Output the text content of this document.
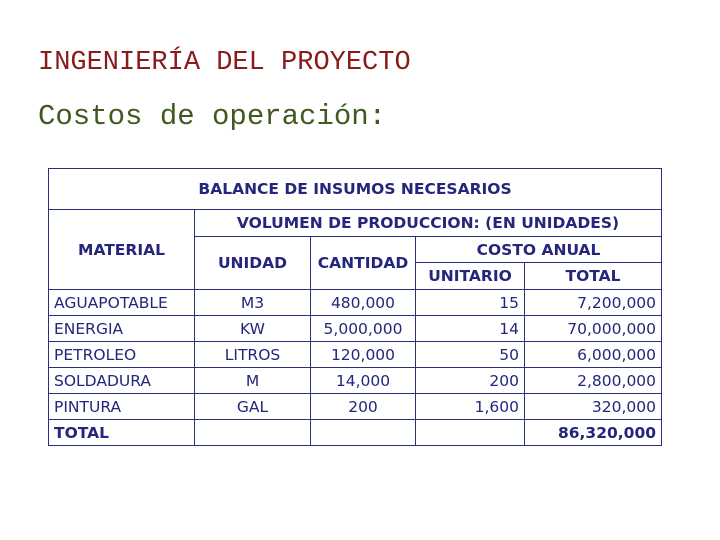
INGENIERÍA DEL PROYECTO
Costos de operación:
BALANCE DE INSUMOS NECESARIOS				
MATERIAL	VOLUMEN DE PRODUCCION: (EN UNIDADES)			
	UNIDAD	CANTIDAD	COSTO ANUAL	
			UNITARIO	TOTAL
AGUAPOTABLE	M3	480,000	15	7,200,000
ENERGIA	KW	5,000,000	14	70,000,000
PETROLEO	LITROS	120,000	50	6,000,000
SOLDADURA	M	14,000	200	2,800,000
PINTURA	GAL	200	1,600	320,000
TOTAL				86,320,000
